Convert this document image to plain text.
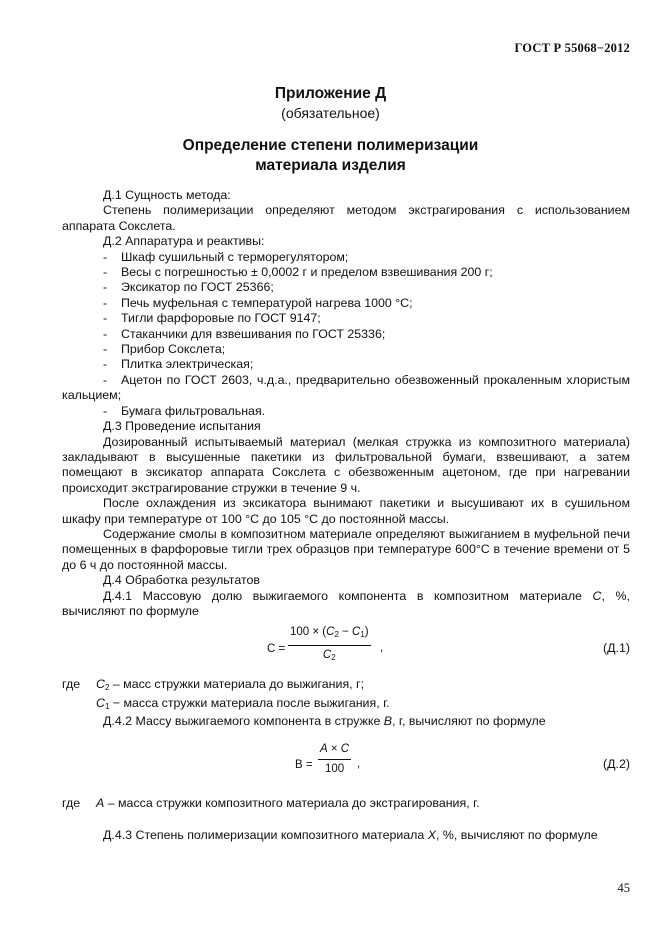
ГОСТ Р 55068−2012
Приложение Д
(обязательное)
Определение степени полимеризации
материала изделия

Д.1 Сущность метода:

Степень полимеризации определяют методом экстрагирования с использованием аппарата Сокслета.

Д.2 Аппаратура и реактивы:

- Шкаф сушильный с терморегулятором;

- Весы с погрешностью ± 0,0002 г и пределом взвешивания 200 г;

- Эксикатор по ГОСТ 25366;

- Печь муфельная с температурой нагрева 1000 °С;

- Тигли фарфоровые по ГОСТ 9147;

- Стаканчики для взвешивания по ГОСТ 25336;

- Прибор Сокслета;

- Плитка электрическая;

- Ацетон по ГОСТ 2603, ч.д.а., предварительно обезвоженный прокаленным хлористым кальцием;

- Бумага фильтровальная.

Д.3 Проведение испытания

Дозированный испытываемый материал (мелкая стружка из композитного материала) закладывают в высушенные пакетики из фильтровальной бумаги, взвешивают, а затем помещают в эксикатор аппарата Сокслета с обезвоженным ацетоном, где при нагревании происходит экстрагирование стружки в течение 9 ч.

После охлаждения из эксикатора вынимают пакетики и высушивают их в сушильном шкафу при температуре от 100 °С до 105 °С до постоянной массы.

Содержание смолы в композитном материале определяют выжиганием в муфельной печи помещенных в фарфоровые тигли трех образцов при температуре 600°С в течение времени от 5 до 6 ч до постоянной массы.

Д.4 Обработка результатов

Д.4.1 Массовую долю выжигаемого компонента в композитном материале С, %, вычисляют по формуле

С =
$100 \times (С_2 - С_1)$
$С_2$
,	(Д.1)

где $С_2$ – масс стружки материала до выжигания, г;

$С_1$ − масса стружки материала после выжигания, г.

Д.4.2 Массу выжигаемого компонента в стружке В, г, вычисляют по формуле

В =
А × С
100	,	(Д.2)

где А – масса стружки композитного материала до экстрагирования, г.

Д.4.3 Степень полимеризации композитного материала Х, %, вычисляют по формуле

45
